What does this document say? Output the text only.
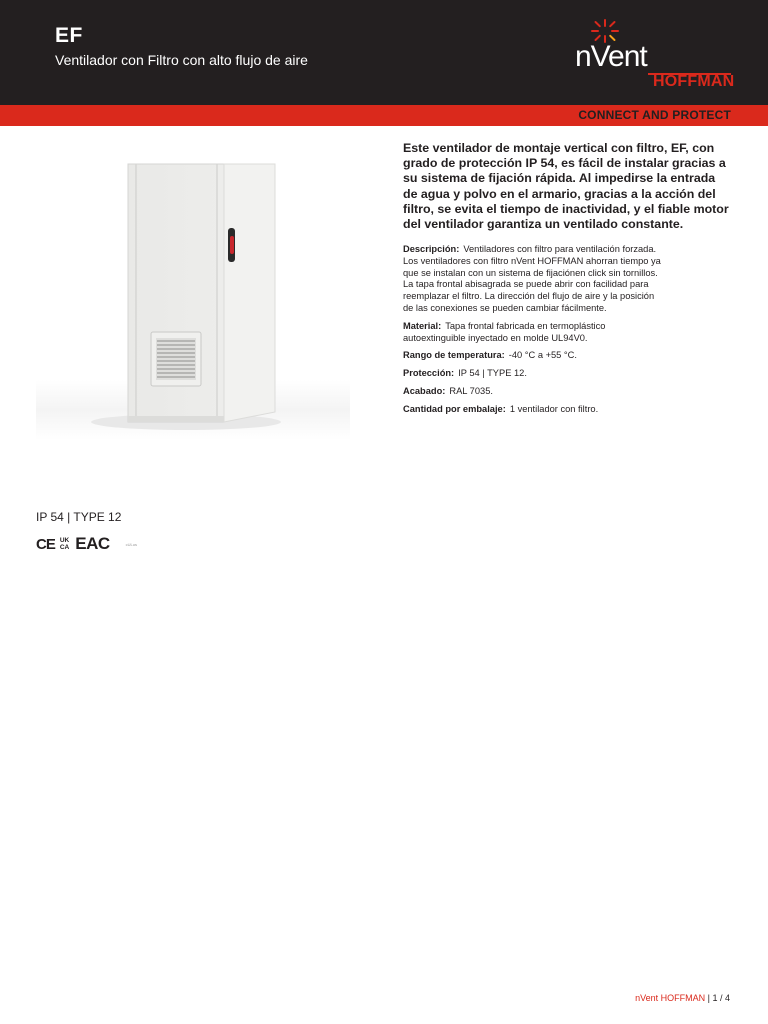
EF
Ventilador con Filtro con alto flujo de aire	nVent
HOFFMAN
CONNECT AND PROTECT
Este ventilador de montaje vertical con filtro, EF, con grado de protección IP 54, es fácil de instalar gracias a su sistema de fijación rápida. Al impedirse la entrada de agua y polvo en el armario, gracias a la acción del filtro, se evita el tiempo de inactividad, y el fiable motor del ventilador garantiza un ventilado constante.
Descripción: Ventiladores con filtro para ventilación forzada.
Los ventiladores con filtro nVent HOFFMAN ahorran tiempo ya
que se instalan con un sistema de fijaciónen click sin tornillos.
La tapa frontal abisagrada se puede abrir con facilidad para
reemplazar el filtro. La dirección del flujo de aire y la posición
de las conexiones se pueden cambiar fácilmente.
Material: Tapa frontal fabricada en termoplástico
autoextinguible inyectado en molde UL94V0.
Rango de temperatura: -40 °C a +55 °C.
Protección: IP 54 | TYPE 12.
Acabado: RAL 7035.
Cantidad por embalaje: 1 ventilador con filtro.
IP 54 | TYPE 12
CE UK
CA EAC	cULus
nVent HOFFMAN | 1 / 4
